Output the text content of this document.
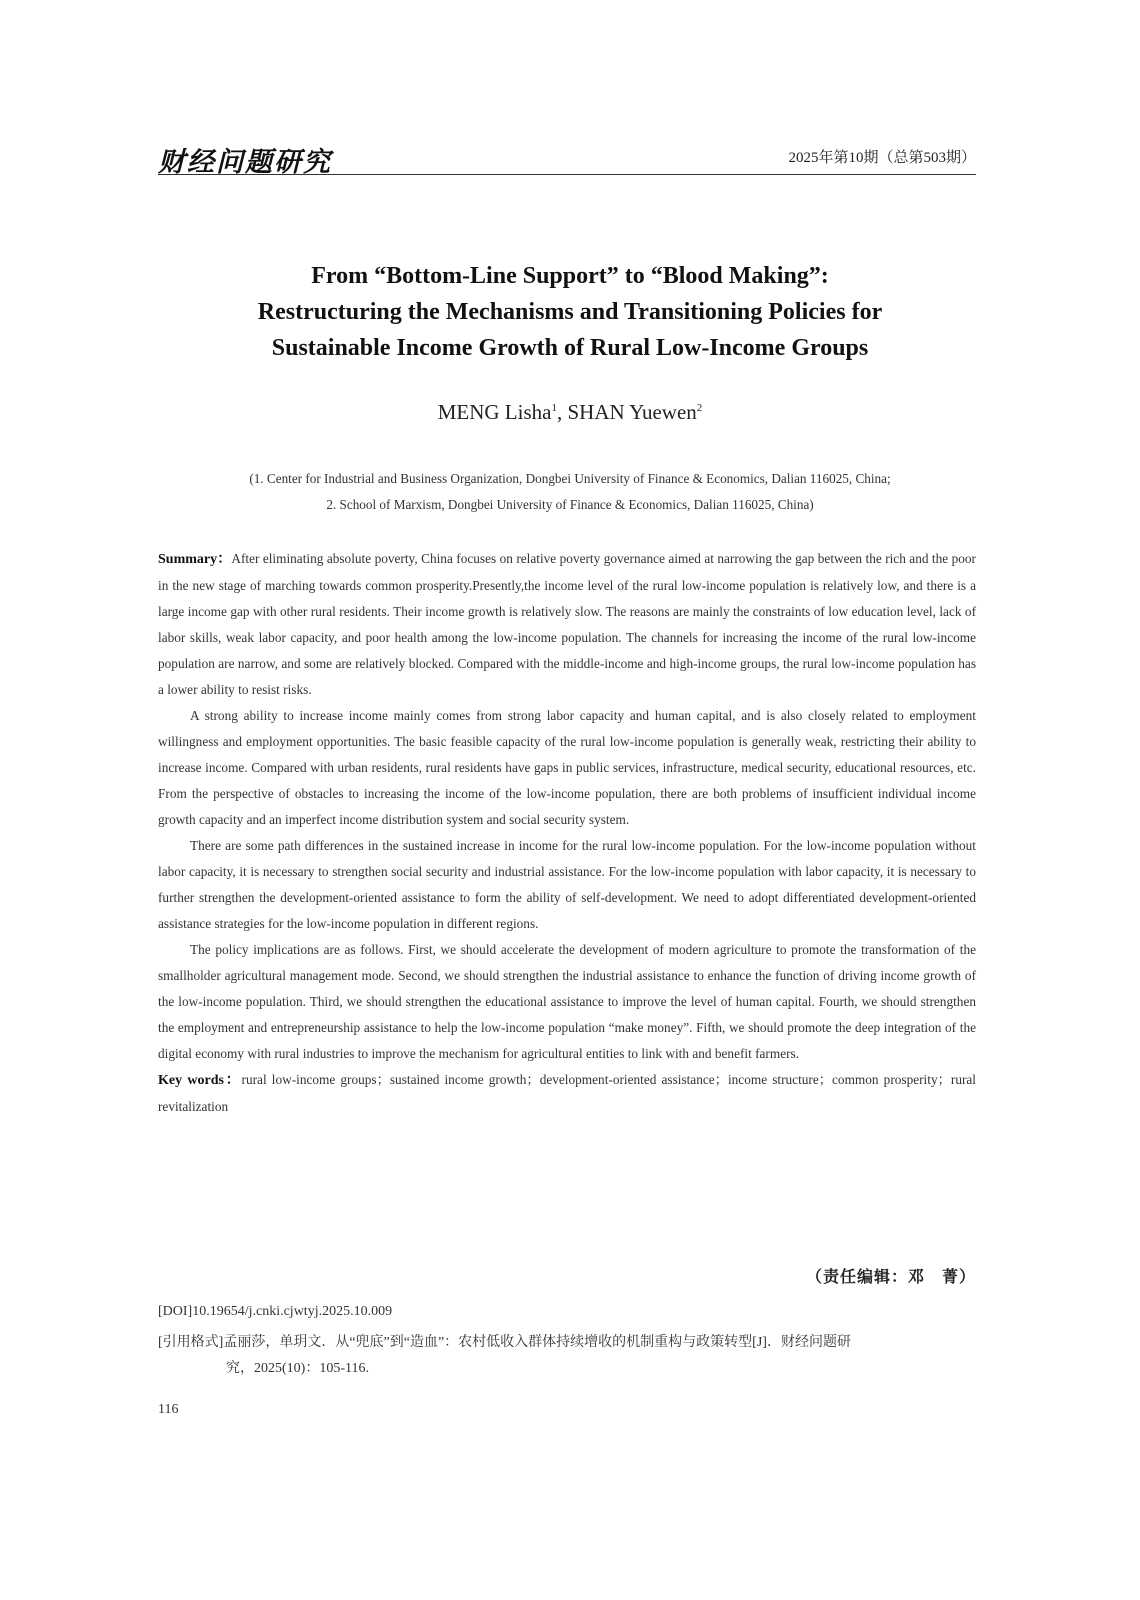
财经问题研究	2025年第10期（总第503期）
From “Bottom-Line Support” to “Blood Making”:
Restructuring the Mechanisms and Transitioning Policies for
Sustainable Income Growth of Rural Low-Income Groups
MENG Lisha$^1$, SHAN Yuewen$^2$
(1. Center for Industrial and Business Organization, Dongbei University of Finance & Economics, Dalian 116025, China;
2. School of Marxism, Dongbei University of Finance & Economics, Dalian 116025, China)

Summary：After eliminating absolute poverty, China focuses on relative poverty governance aimed at narrowing the gap between the rich and the poor in the new stage of marching towards common prosperity.Presently,the income level of the rural low-income population is relatively low, and there is a large income gap with other rural residents. Their income growth is relatively slow. The reasons are mainly the constraints of low education level, lack of labor skills, weak labor capacity, and poor health among the low-income population. The channels for increasing the income of the rural low-income population are narrow, and some are relatively blocked. Compared with the middle-income and high-income groups, the rural low-income population has a lower ability to resist risks.

A strong ability to increase income mainly comes from strong labor capacity and human capital, and is also closely related to employment willingness and employment opportunities. The basic feasible capacity of the rural low-income population is generally weak, restricting their ability to increase income. Compared with urban residents, rural residents have gaps in public services, infrastructure, medical security, educational resources, etc. From the perspective of obstacles to increasing the income of the low-income population, there are both problems of insufficient individual income growth capacity and an imperfect income distribution system and social security system.

There are some path differences in the sustained increase in income for the rural low-income population. For the low-income population without labor capacity, it is necessary to strengthen social security and industrial assistance. For the low-income population with labor capacity, it is necessary to further strengthen the development-oriented assistance to form the ability of self-development. We need to adopt differentiated development-oriented assistance strategies for the low-income population in different regions.

The policy implications are as follows. First, we should accelerate the development of modern agriculture to promote the transformation of the smallholder agricultural management mode. Second, we should strengthen the industrial assistance to enhance the function of driving income growth of the low-income population. Third, we should strengthen the educational assistance to improve the level of human capital. Fourth, we should strengthen the employment and entrepreneurship assistance to help the low-income population “make money”. Fifth, we should promote the deep integration of the digital economy with rural industries to improve the mechanism for agricultural entities to link with and benefit farmers.

Key words：rural low-income groups；sustained income growth；development-oriented assistance；income structure；common prosperity；rural revitalization

（责任编辑：邓　菁）
[DOI]10.19654/j.cnki.cjwtyj.2025.10.009
[引用格式]孟丽莎，单玥文．从“兜底”到“造血”：农村低收入群体持续增收的机制重构与政策转型[J]．财经问题研
究，2025(10)：105-116.
116
